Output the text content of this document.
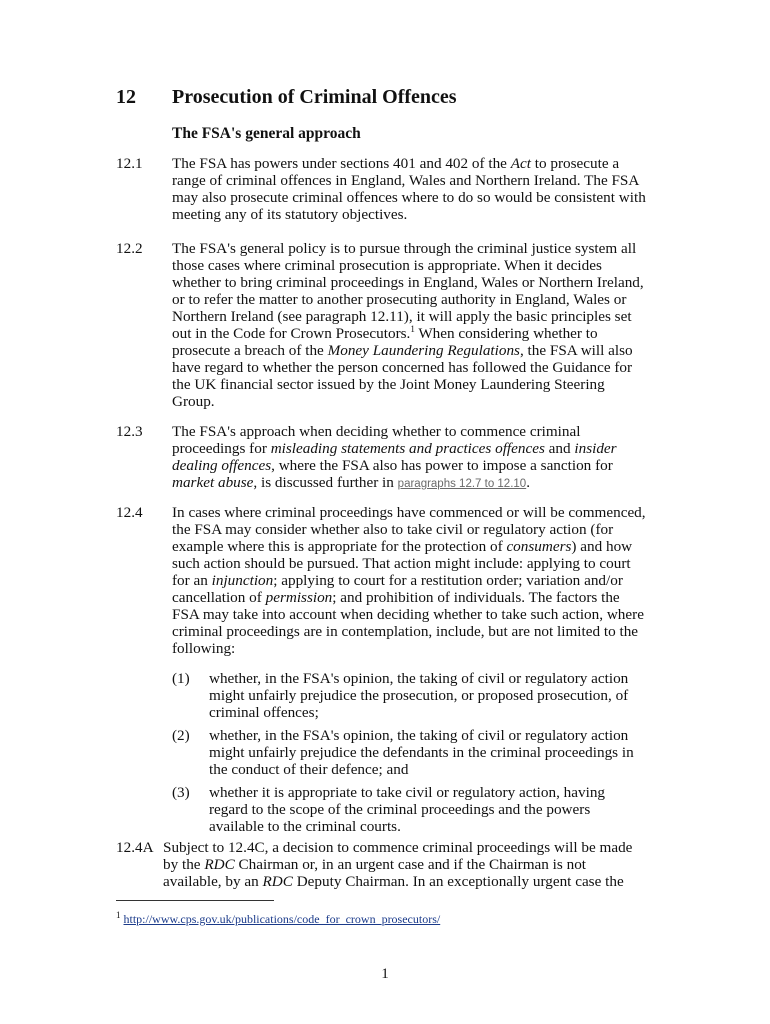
12 Prosecution of Criminal Offences
The FSA's general approach
12.1 The FSA has powers under sections 401 and 402 of the Act to prosecute a range of criminal offences in England, Wales and Northern Ireland. The FSA may also prosecute criminal offences where to do so would be consistent with meeting any of its statutory objectives.
12.2 The FSA's general policy is to pursue through the criminal justice system all those cases where criminal prosecution is appropriate. When it decides whether to bring criminal proceedings in England, Wales or Northern Ireland, or to refer the matter to another prosecuting authority in England, Wales or Northern Ireland (see paragraph 12.11), it will apply the basic principles set out in the Code for Crown Prosecutors.$^1$ When considering whether to prosecute a breach of the Money Laundering Regulations, the FSA will also have regard to whether the person concerned has followed the Guidance for the UK financial sector issued by the Joint Money Laundering Steering Group.
12.3 The FSA's approach when deciding whether to commence criminal proceedings for misleading statements and practices offences and insider dealing offences, where the FSA also has power to impose a sanction for market abuse, is discussed further in paragraphs 12.7 to 12.10.
12.4 In cases where criminal proceedings have commenced or will be commenced, the FSA may consider whether also to take civil or regulatory action (for example where this is appropriate for the protection of consumers) and how such action should be pursued. That action might include: applying to court for an injunction; applying to court for a restitution order; variation and/or cancellation of permission; and prohibition of individuals. The factors the FSA may take into account when deciding whether to take such action, where criminal proceedings are in contemplation, include, but are not limited to the following:
(1) whether, in the FSA's opinion, the taking of civil or regulatory action might unfairly prejudice the prosecution, or proposed prosecution, of criminal offences;
(2) whether, in the FSA's opinion, the taking of civil or regulatory action might unfairly prejudice the defendants in the criminal proceedings in the conduct of their defence; and
(3) whether it is appropriate to take civil or regulatory action, having regard to the scope of the criminal proceedings and the powers available to the criminal courts.
12.4A Subject to 12.4C, a decision to commence criminal proceedings will be made by the RDC Chairman or, in an urgent case and if the Chairman is not available, by an RDC Deputy Chairman. In an exceptionally urgent case the
$^1$ http://www.cps.gov.uk/publications/code_for_crown_prosecutors/
1
